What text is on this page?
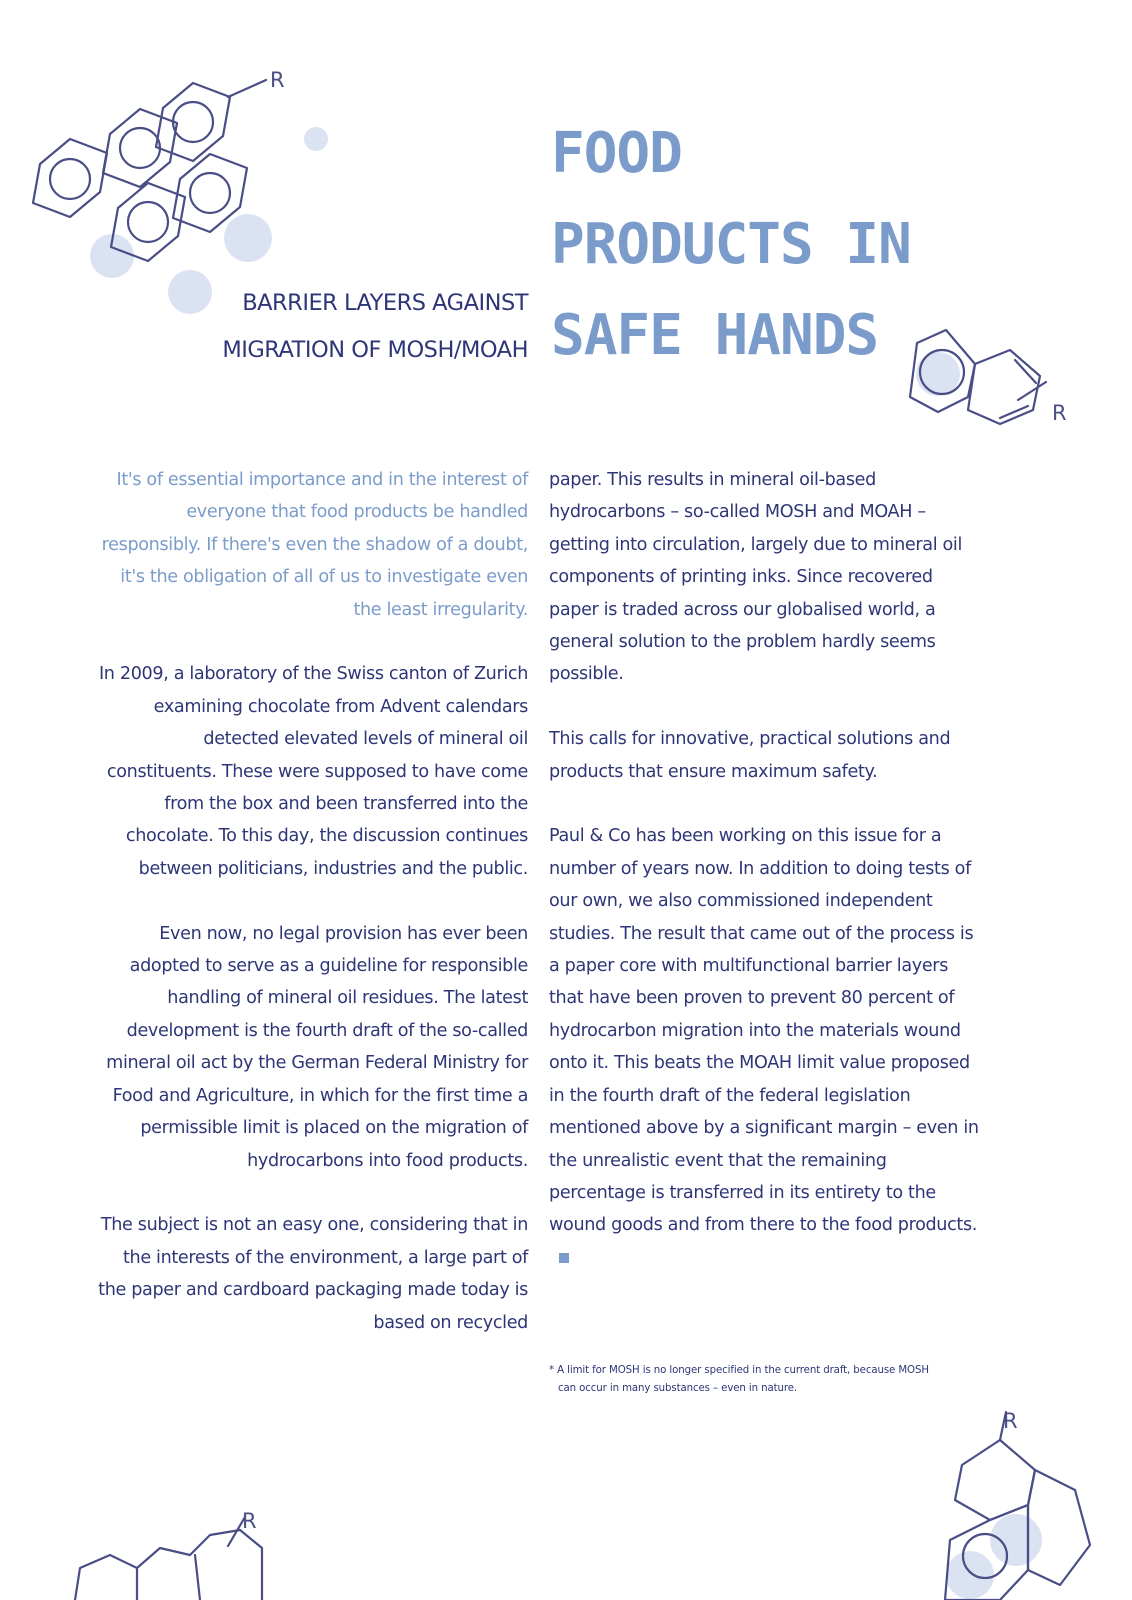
R
R
R
R
FOOD
PRODUCTS IN
SAFE HANDS
BARRIER LAYERS AGAINST
MIGRATION OF MOSH/MOAH

It's of essential importance and in the interest of everyone that food products be handled responsibly. If there's even the shadow of a doubt, it's the obligation of all of us to investigate even the least irregularity.

In 2009, a laboratory of the Swiss canton of Zurich examining chocolate from Advent calendars detected elevated levels of mineral oil constituents. These were supposed to have come from the box and been transferred into the chocolate. To this day, the discussion continues between politicians, industries and the public.

Even now, no legal provision has ever been adopted to serve as a guideline for responsible handling of mineral oil residues. The latest development is the fourth draft of the so-called mineral oil act by the German Federal Ministry for Food and Agriculture, in which for the first time a permissible limit is placed on the migration of hydrocarbons into food products.

The subject is not an easy one, considering that in the interests of the environment, a large part of the paper and cardboard packaging made today is based on recycled

paper. This results in mineral oil-based hydrocarbons – so-called MOSH and MOAH – getting into circulation, largely due to mineral oil components of printing inks. Since recovered paper is traded across our globalised world, a general solution to the problem hardly seems possible.

This calls for innovative, practical solutions and products that ensure maximum safety.

Paul & Co has been working on this issue for a number of years now. In addition to doing tests of our own, we also commissioned independent studies. The result that came out of the process is a paper core with multifunctional barrier layers that have been proven to prevent 80 percent of hydrocarbon migration into the materials wound onto it. This beats the MOAH limit value proposed in the fourth draft of the federal legislation mentioned above by a significant margin – even in the unrealistic event that the remaining percentage is transferred in its entirety to the wound goods and from there to the food products.

* A limit for MOSH is no longer specified in the current draft, because MOSH
can occur in many substances – even in nature.
